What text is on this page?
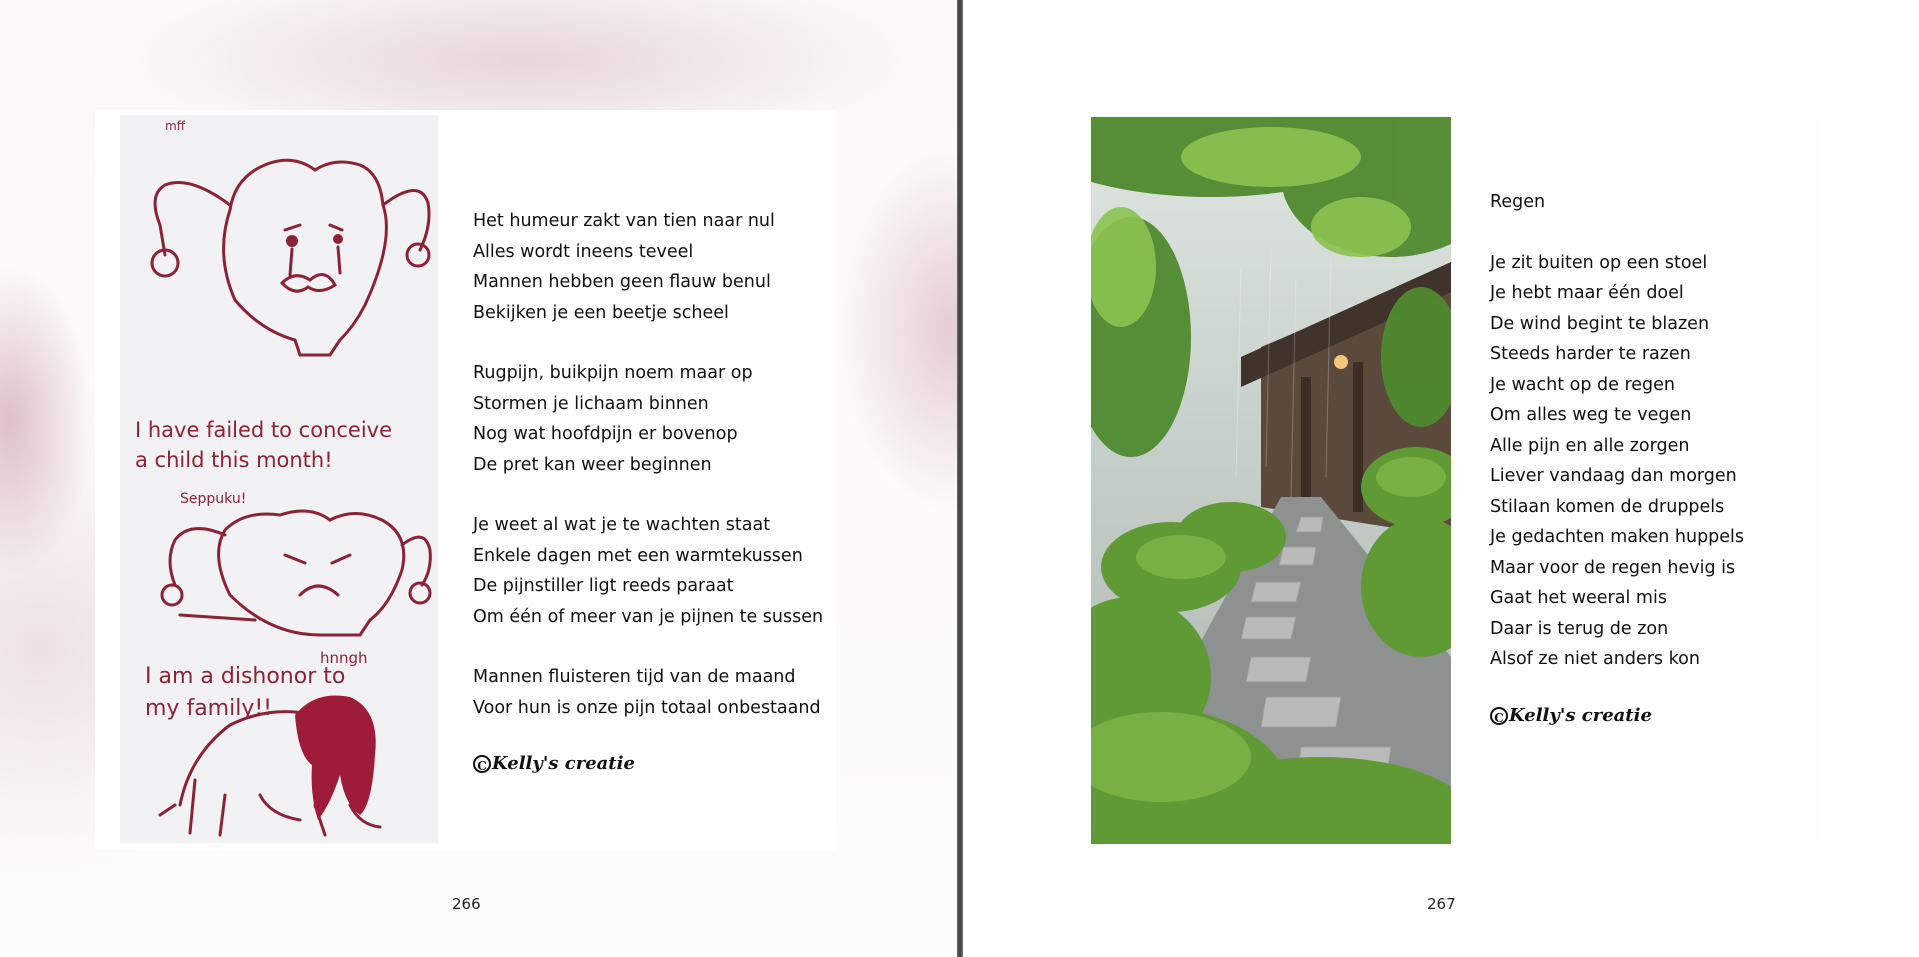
mff
I have failed to conceive
a child this month!
Seppuku!
I am a dishonor to
my family!!
hnngh
Het humeur zakt van tien naar nul
Alles wordt ineens teveel
Mannen hebben geen flauw benul
Bekijken je een beetje scheel
Rugpijn, buikpijn noem maar op
Stormen je lichaam binnen
Nog wat hoofdpijn er bovenop
De pret kan weer beginnen
Je weet al wat je te wachten staat
Enkele dagen met een warmtekussen
De pijnstiller ligt reeds paraat
Om één of meer van je pijnen te sussen
Mannen fluisteren tijd van de maand
Voor hun is onze pijn totaal onbestaand
C Kelly's creatie
266
Regen
Je zit buiten op een stoel
Je hebt maar één doel
De wind begint te blazen
Steeds harder te razen
Je wacht op de regen
Om alles weg te vegen
Alle pijn en alle zorgen
Liever vandaag dan morgen
Stilaan komen de druppels
Je gedachten maken huppels
Maar voor de regen hevig is
Gaat het weeral mis
Daar is terug de zon
Alsof ze niet anders kon
C Kelly's creatie
267
